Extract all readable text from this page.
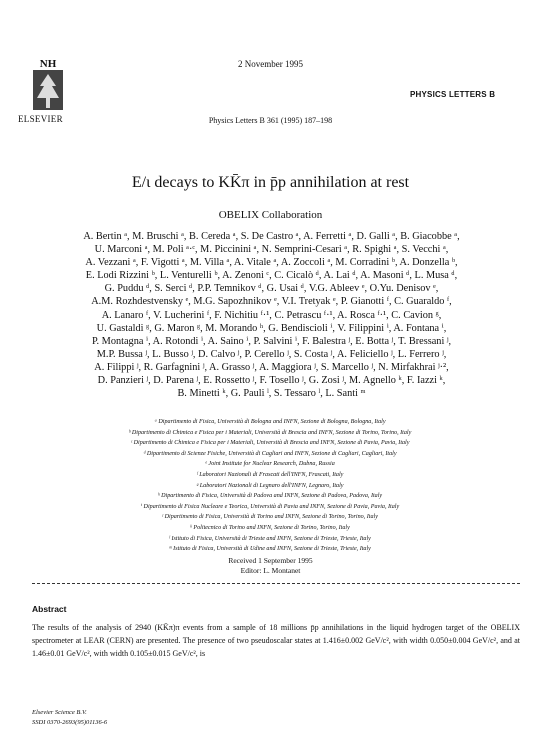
NH
ELSEVIER
2 November 1995
PHYSICS LETTERS B
Physics Letters B 361 (1995) 187–198
E/ι decays to KK̄π in p̄p annihilation at rest
OBELIX Collaboration
A. Bertin ᵃ, M. Bruschi ᵃ, B. Cereda ᵃ, S. De Castro ᵃ, A. Ferretti ᵃ, D. Galli ᵃ, B. Giacobbe ᵃ,
U. Marconi ᵃ, M. Poli ᵃ·ᶜ, M. Piccinini ᵃ, N. Semprini-Cesari ᵃ, R. Spighi ᵃ, S. Vecchi ᵃ,
A. Vezzani ᵃ, F. Vigotti ᵃ, M. Villa ᵃ, A. Vitale ᵃ, A. Zoccoli ᵃ, M. Corradini ᵇ, A. Donzella ᵇ,
E. Lodi Rizzini ᵇ, L. Venturelli ᵇ, A. Zenoni ᶜ, C. Cicalò ᵈ, A. Lai ᵈ, A. Masoni ᵈ, L. Musa ᵈ,
G. Puddu ᵈ, S. Serci ᵈ, P.P. Temnikov ᵈ, G. Usai ᵈ, V.G. Ableev ᵉ, O.Yu. Denisov ᵉ,
A.M. Rozhdestvensky ᵉ, M.G. Sapozhnikov ᵉ, V.I. Tretyak ᵉ, P. Gianotti ᶠ, C. Guaraldo ᶠ,
A. Lanaro ᶠ, V. Lucherini ᶠ, F. Nichitiu ᶠ·¹, C. Petrascu ᶠ·¹, A. Rosca ᶠ·¹, C. Cavion ᵍ,
U. Gastaldi ᵍ, G. Maron ᵍ, M. Morando ʰ, G. Bendiscioli ⁱ, V. Filippini ⁱ, A. Fontana ⁱ,
P. Montagna ⁱ, A. Rotondi ⁱ, A. Saino ⁱ, P. Salvini ⁱ, F. Balestra ʲ, E. Botta ʲ, T. Bressani ʲ,
M.P. Bussa ʲ, L. Busso ʲ, D. Calvo ʲ, P. Cerello ʲ, S. Costa ʲ, A. Feliciello ʲ, L. Ferrero ʲ,
A. Filippi ʲ, R. Garfagnini ʲ, A. Grasso ʲ, A. Maggiora ʲ, S. Marcello ʲ, N. Mirfakhrai ʲ·²,
D. Panzieri ʲ, D. Parena ʲ, E. Rossetto ʲ, F. Tosello ʲ, G. Zosi ʲ, M. Agnello ᵏ, F. Iazzi ᵏ,
B. Minetti ᵏ, G. Pauli ˡ, S. Tessaro ˡ, L. Santi ᵐ
ᵃ Dipartimento di Fisica, Università di Bologna and INFN, Sezione di Bologna, Bologna, Italy
ᵇ Dipartimento di Chimica e Fisica per i Materiali, Università di Brescia and INFN, Sezione di Torino, Torino, Italy
ᶜ Dipartimento di Chimica e Fisica per i Materiali, Università di Brescia and INFN, Sezione di Pavia, Pavia, Italy
ᵈ Dipartimento di Scienze Fisiche, Università di Cagliari and INFN, Sezione di Cagliari, Cagliari, Italy
ᵉ Joint Institute for Nuclear Research, Dubna, Russia
ᶠ Laboratori Nazionali di Frascati dell'INFN, Frascati, Italy
ᵍ Laboratori Nazionali di Legnaro dell'INFN, Legnaro, Italy
ʰ Dipartimento di Fisica, Università di Padova and INFN, Sezione di Padova, Padova, Italy
ⁱ Dipartimento di Fisica Nucleare e Teorica, Università di Pavia and INFN, Sezione di Pavia, Pavia, Italy
ʲ Dipartimento di Fisica, Università di Torino and INFN, Sezione di Torino, Torino, Italy
ᵏ Politecnico di Torino and INFN, Sezione di Torino, Torino, Italy
ˡ Istituto di Fisica, Università di Trieste and INFN, Sezione di Trieste, Trieste, Italy
ᵐ Istituto di Fisica, Università di Udine and INFN, Sezione di Trieste, Trieste, Italy
Received 1 September 1995
Editor: L. Montanet
Abstract
The results of the analysis of 2940 (KK̄π)π events from a sample of 18 millions p̄p annihilations in the liquid hydrogen target of the OBELIX spectrometer at LEAR (CERN) are presented. The presence of two pseudoscalar states at 1.416±0.002 GeV/c², with width 0.050±0.004 GeV/c², and at 1.46±0.01 GeV/c², with width 0.105±0.015 GeV/c², is
Elsevier Science B.V.
SSDI 0370-2693(95)01136-6
